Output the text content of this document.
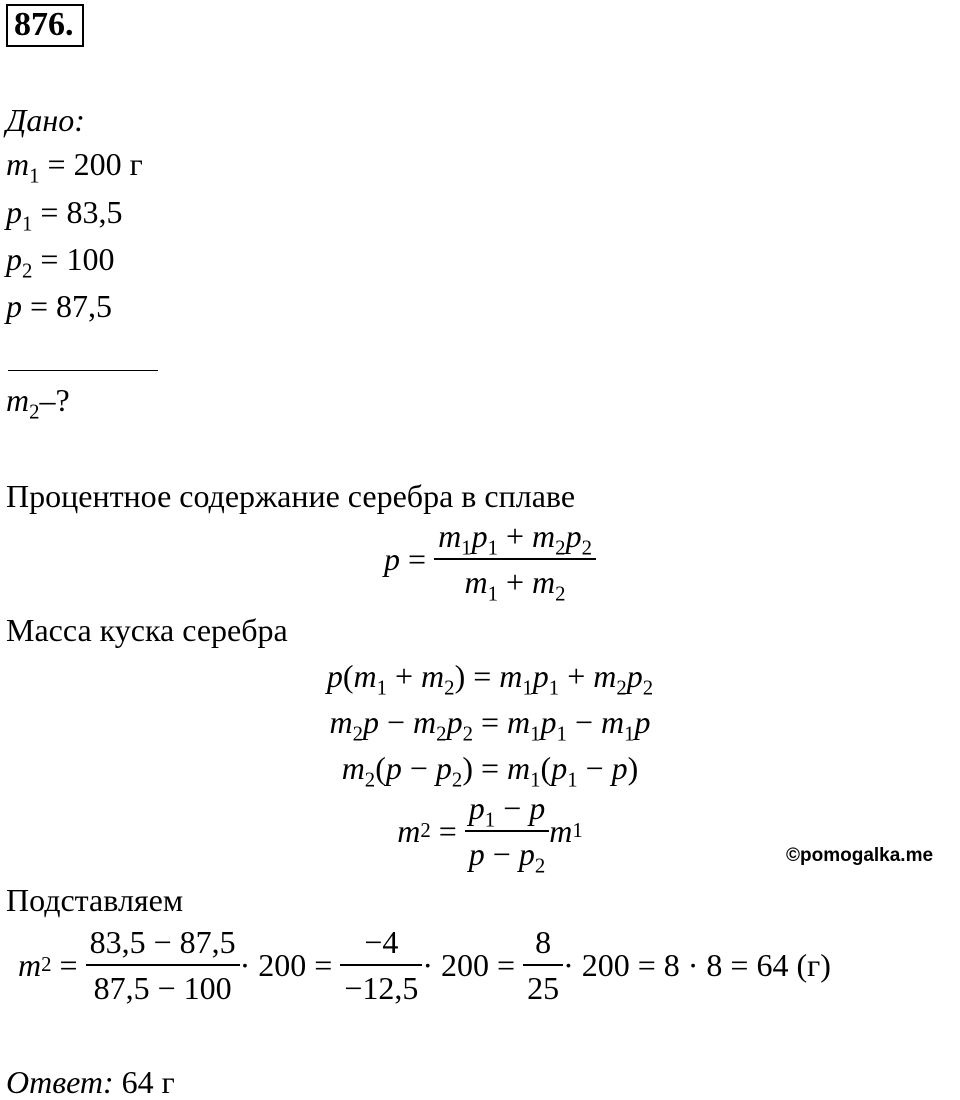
876.
Дано:
$m_1 = 200$ г
$p_1 = 83,5$
$p_2 = 100$
p = 87,5
$m_2-$?
Процентное содержание серебра в сплаве
$p = \frac{m_1p_1 + m_2p_2}{m_1 + m_2}$
Масса куска серебра
$p(m_1 + m_2) = m_1p_1 + m_2p_2$
$m_2p - m_2p_2 = m_1p_1 - m_1p$
$m_2(p - p_2) = m_1(p_1 - p)$
m $2 = \frac{p_1 - p}{p - p_2}$ m 1
©pomogalka.me
Подставляем
m $2 = \frac{83,5 - 87,5}{87,5 - 100} \cdot 200$ =
$\frac{-4}{-12,5} \cdot 200$ =
$\frac{8}{25} \cdot 200 = 8 \cdot 8 = 64$ (г)
Ответ: 64 г
